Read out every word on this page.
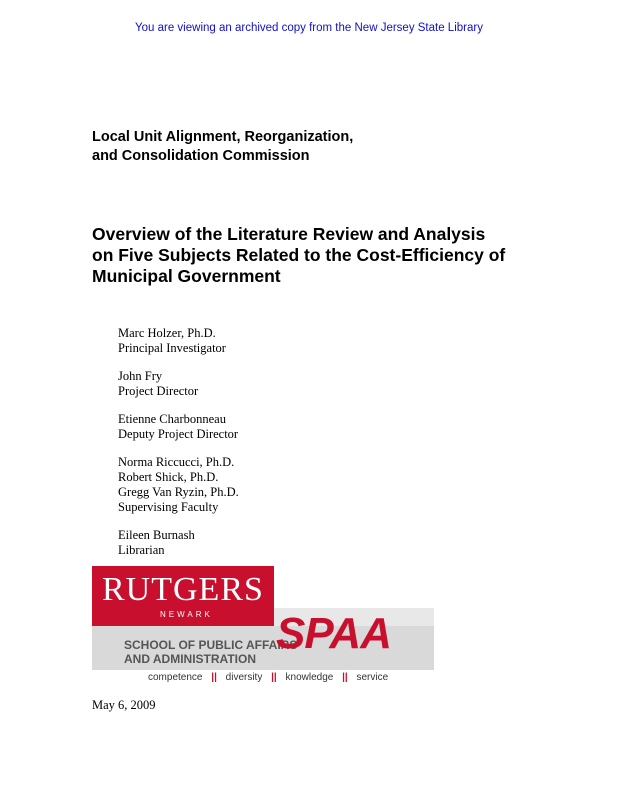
You are viewing an archived copy from the New Jersey State Library
Local Unit Alignment, Reorganization,
and Consolidation Commission
Overview of the Literature Review and Analysis
on Five Subjects Related to the Cost-Efficiency of
Municipal Government
Marc Holzer, Ph.D.
Principal Investigator
John Fry
Project Director
Etienne Charbonneau
Deputy Project Director
Norma Riccucci, Ph.D.
Robert Shick, Ph.D.
Gregg Van Ryzin, Ph.D.
Supervising Faculty
Eileen Burnash
Librarian
RUTGERS
NEWARK
SCHOOL OF PUBLIC AFFAIRS
AND ADMINISTRATION
SPAA
competence || diversity || knowledge || service
May 6, 2009
